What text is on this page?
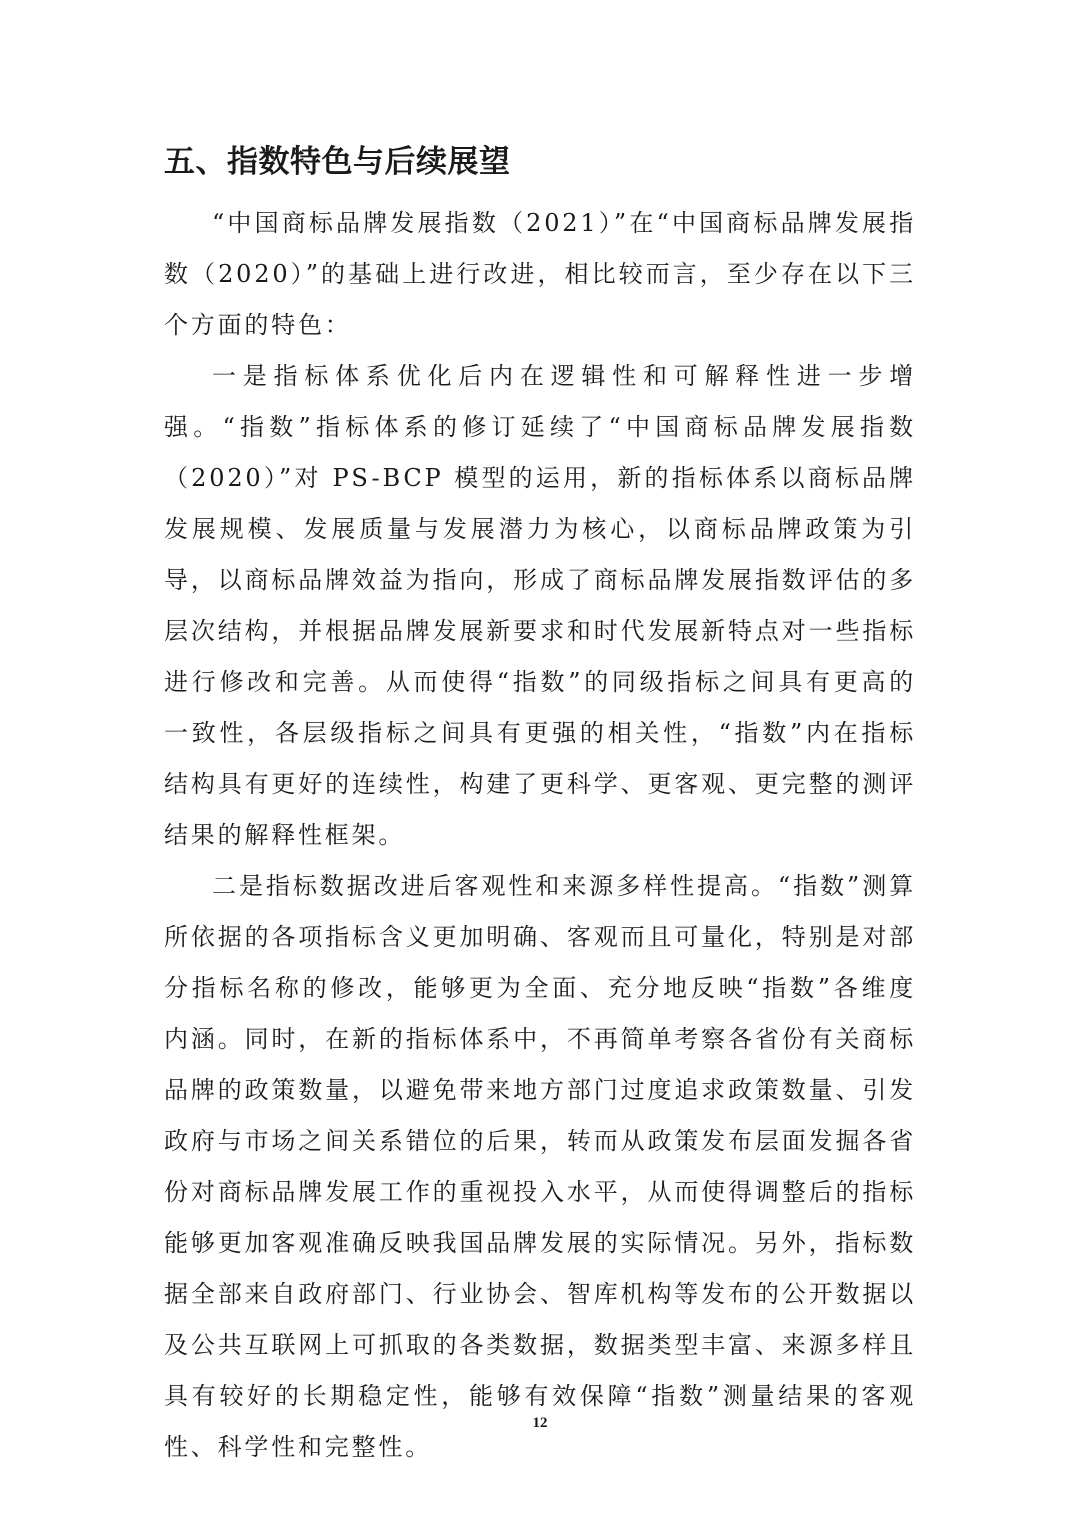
五、指数特色与后续展望

“中国商标品牌发展指数（2021）”在“中国商标品牌发展指数（2020）”的基础上进行改进，相比较而言，至少存在以下三个方面的特色：

一是指标体系优化后内在逻辑性和可解释性进一步增强。“指数”指标体系的修订延续了“中国商标品牌发展指数（2020）”对 PS-BCP 模型的运用，新的指标体系以商标品牌发展规模、发展质量与发展潜力为核心，以商标品牌政策为引导，以商标品牌效益为指向，形成了商标品牌发展指数评估的多层次结构，并根据品牌发展新要求和时代发展新特点对一些指标进行修改和完善。从而使得“指数”的同级指标之间具有更高的一致性，各层级指标之间具有更强的相关性，“指数”内在指标结构具有更好的连续性，构建了更科学、更客观、更完整的测评结果的解释性框架。

二是指标数据改进后客观性和来源多样性提高。“指数”测算所依据的各项指标含义更加明确、客观而且可量化，特别是对部分指标名称的修改，能够更为全面、充分地反映“指数”各维度内涵。同时，在新的指标体系中，不再简单考察各省份有关商标品牌的政策数量，以避免带来地方部门过度追求政策数量、引发政府与市场之间关系错位的后果，转而从政策发布层面发掘各省份对商标品牌发展工作的重视投入水平，从而使得调整后的指标能够更加客观准确反映我国品牌发展的实际情况。另外，指标数据全部来自政府部门、行业协会、智库机构等发布的公开数据以及公共互联网上可抓取的各类数据，数据类型丰富、来源多样且具有较好的长期稳定性，能够有效保障“指数”测量结果的客观性、科学性和完整性。

12
